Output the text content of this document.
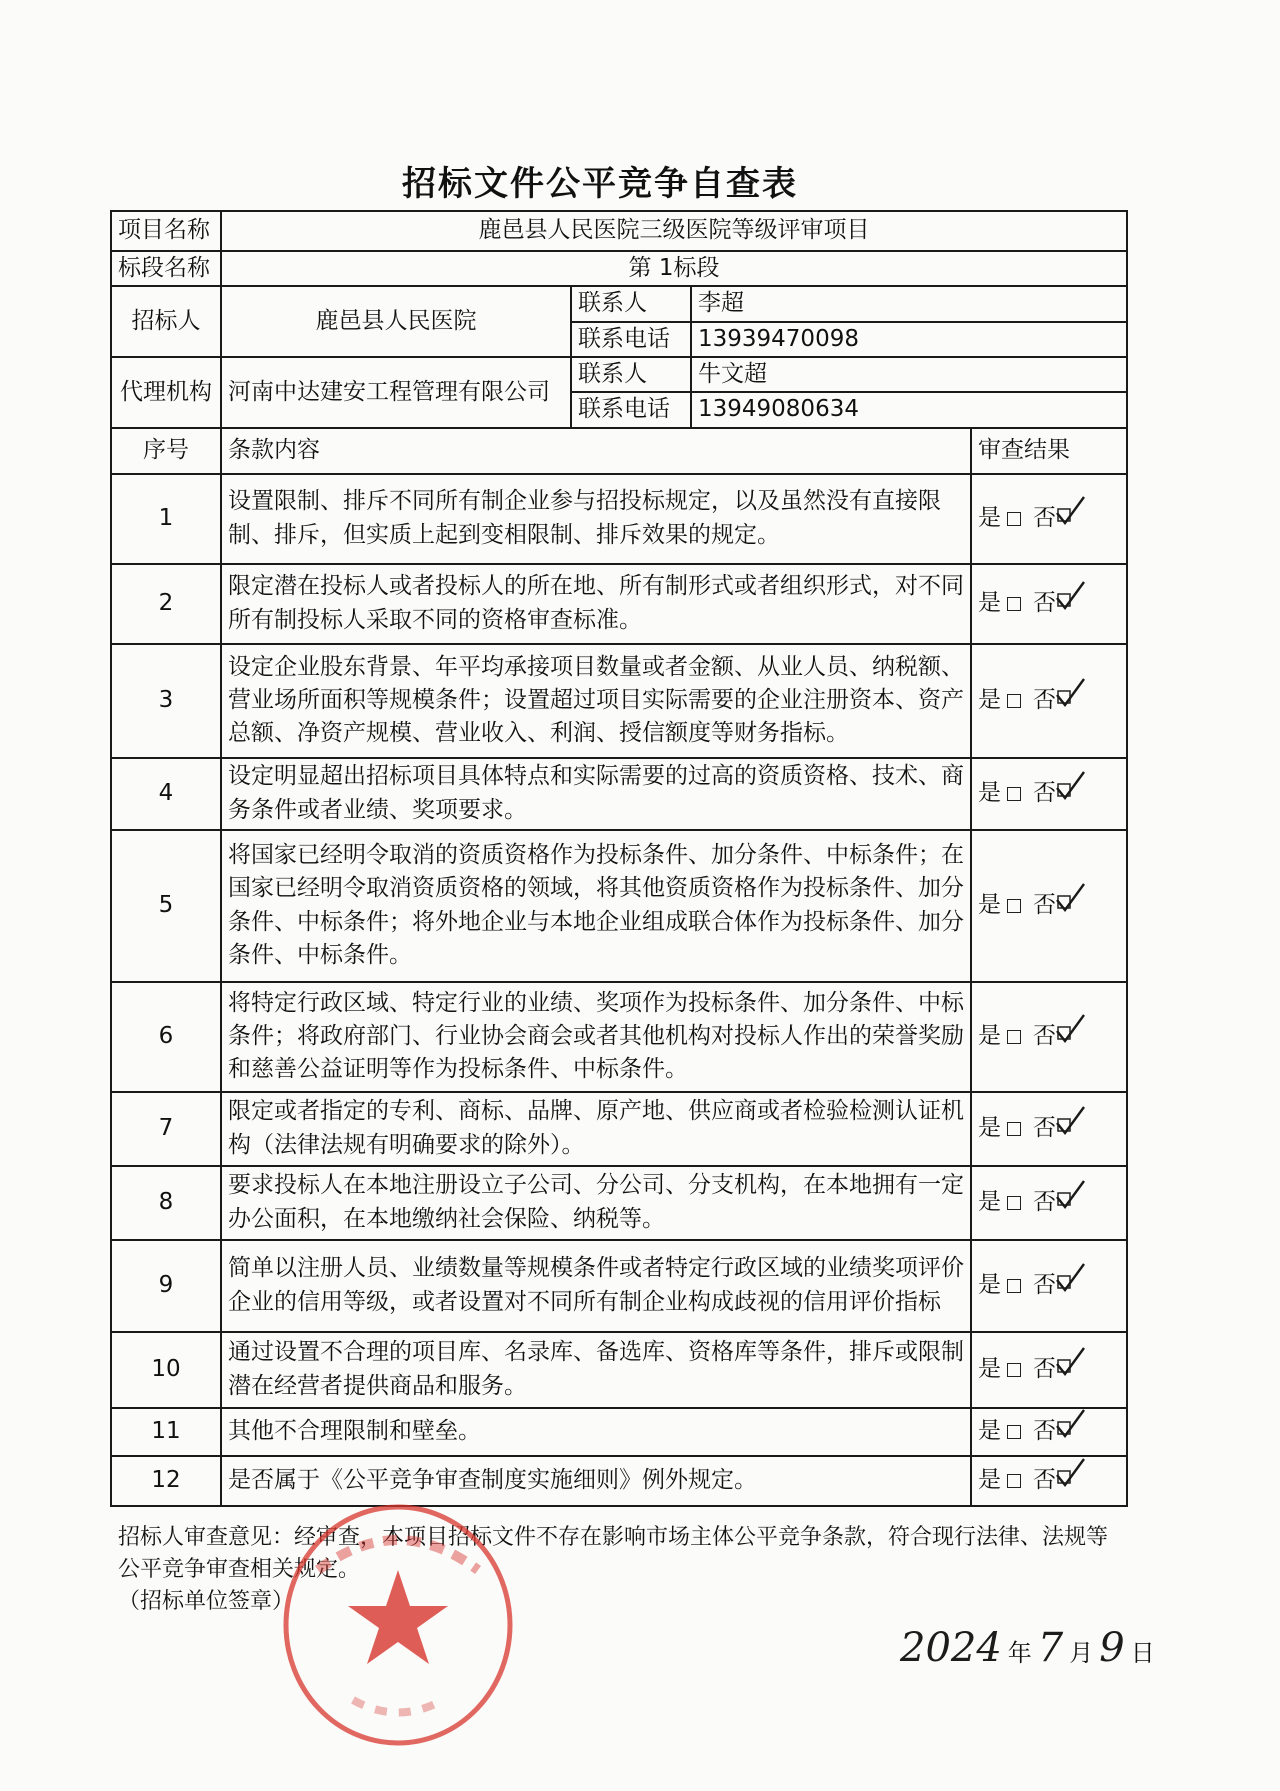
招标文件公平竞争自查表
项目名称	鹿邑县人民医院三级医院等级评审项目			
标段名称	第 1标段			
招标人	鹿邑县人民医院	联系人	李超	
		联系电话	13939470098	
代理机构	河南中达建安工程管理有限公司	联系人	牛文超	
		联系电话	13949080634	
序号	条款内容			审查结果
1	设置限制、排斥不同所有制企业参与招投标规定，以及虽然没有直接限制、排斥，但实质上起到变相限制、排斥效果的规定。			是 否

2	限定潜在投标人或者投标人的所在地、所有制形式或者组织形式，对不同所有制投标人采取不同的资格审查标准。			是 否

3	设定企业股东背景、年平均承接项目数量或者金额、从业人员、纳税额、营业场所面积等规模条件；设置超过项目实际需要的企业注册资本、资产总额、净资产规模、营业收入、利润、授信额度等财务指标。			是 否

4	设定明显超出招标项目具体特点和实际需要的过高的资质资格、技术、商务条件或者业绩、奖项要求。			是 否

5	将国家已经明令取消的资质资格作为投标条件、加分条件、中标条件；在国家已经明令取消资质资格的领域，将其他资质资格作为投标条件、加分条件、中标条件；将外地企业与本地企业组成联合体作为投标条件、加分条件、中标条件。			是 否

6	将特定行政区域、特定行业的业绩、奖项作为投标条件、加分条件、中标条件；将政府部门、行业协会商会或者其他机构对投标人作出的荣誉奖励和慈善公益证明等作为投标条件、中标条件。			是 否

7	限定或者指定的专利、商标、品牌、原产地、供应商或者检验检测认证机构（法律法规有明确要求的除外）。			是 否

8	要求投标人在本地注册设立子公司、分公司、分支机构，在本地拥有一定办公面积，在本地缴纳社会保险、纳税等。			是 否

9	简单以注册人员、业绩数量等规模条件或者特定行政区域的业绩奖项评价企业的信用等级，或者设置对不同所有制企业构成歧视的信用评价指标			是 否

10	通过设置不合理的项目库、名录库、备选库、资格库等条件，排斥或限制潜在经营者提供商品和服务。			是 否

11	其他不合理限制和壁垒。			是 否

12	是否属于《公平竞争审查制度实施细则》例外规定。			是 否
招标人审查意见：经审查，本项目招标文件不存在影响市场主体公平竞争条款，符合现行法律、法规等公平竞争审查相关规定。
（招标单位签章）
2024 年 7 月 9 日
